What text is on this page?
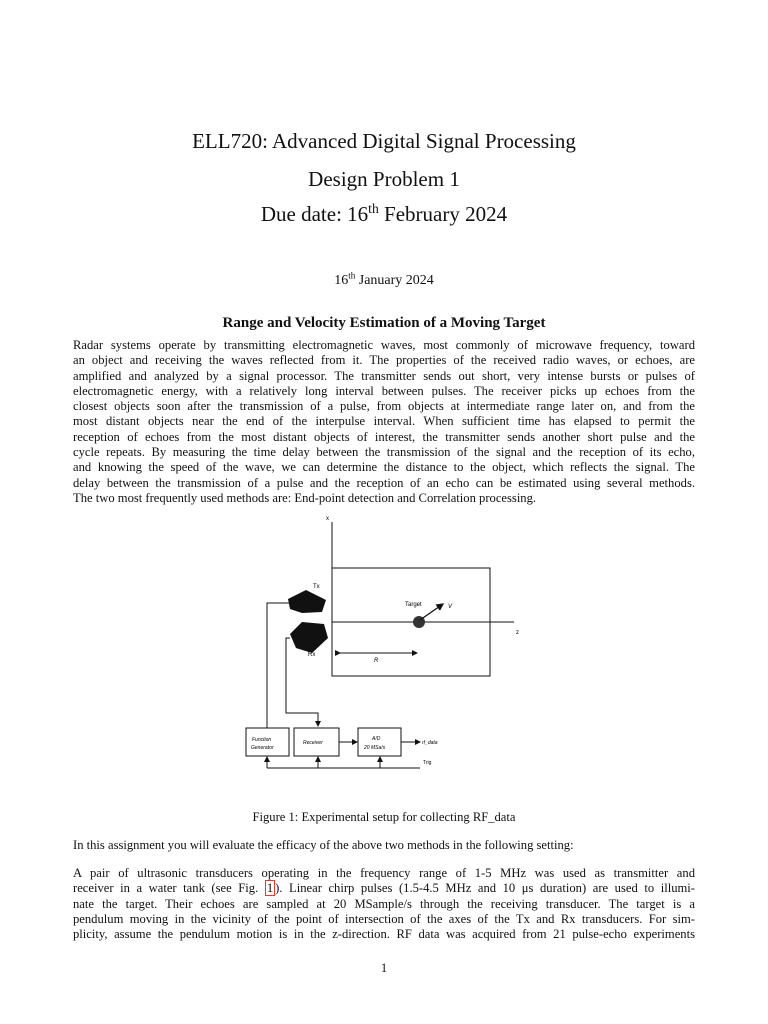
ELL720: Advanced Digital Signal Processing
Design Problem 1
Due date: 16th February 2024
16th January 2024
Range and Velocity Estimation of a Moving Target
Radar systems operate by transmitting electromagnetic waves, most commonly of microwave frequency, toward
an object and receiving the waves reflected from it. The properties of the received radio waves, or echoes, are
amplified and analyzed by a signal processor. The transmitter sends out short, very intense bursts or pulses of
electromagnetic energy, with a relatively long interval between pulses. The receiver picks up echoes from the
closest objects soon after the transmission of a pulse, from objects at intermediate range later on, and from the
most distant objects near the end of the interpulse interval. When sufficient time has elapsed to permit the
reception of echoes from the most distant objects of interest, the transmitter sends another short pulse and the
cycle repeats. By measuring the time delay between the transmission of the signal and the reception of its echo,
and knowing the speed of the wave, we can determine the distance to the object, which reflects the signal. The
delay between the transmission of a pulse and the reception of an echo can be estimated using several methods.
The two most frequently used methods are: End-point detection and Correlation processing.
x
z
Tx
Rx
Target	V
R
Function
Generator
Receiver
A/D
20 MSa/s
rf_data
Trig
Figure 1: Experimental setup for collecting RF_data
In this assignment you will evaluate the efficacy of the above two methods in the following setting:
A pair of ultrasonic transducers operating in the frequency range of 1-5 MHz was used as transmitter and
receiver in a water tank (see Fig. 1 ). Linear chirp pulses (1.5-4.5 MHz and 10 μs duration) are used to illumi-
nate the target. Their echoes are sampled at 20 MSample/s through the receiving transducer. The target is a
pendulum moving in the vicinity of the point of intersection of the axes of the Tx and Rx transducers. For sim-
plicity, assume the pendulum motion is in the z-direction. RF data was acquired from 21 pulse-echo experiments
1
